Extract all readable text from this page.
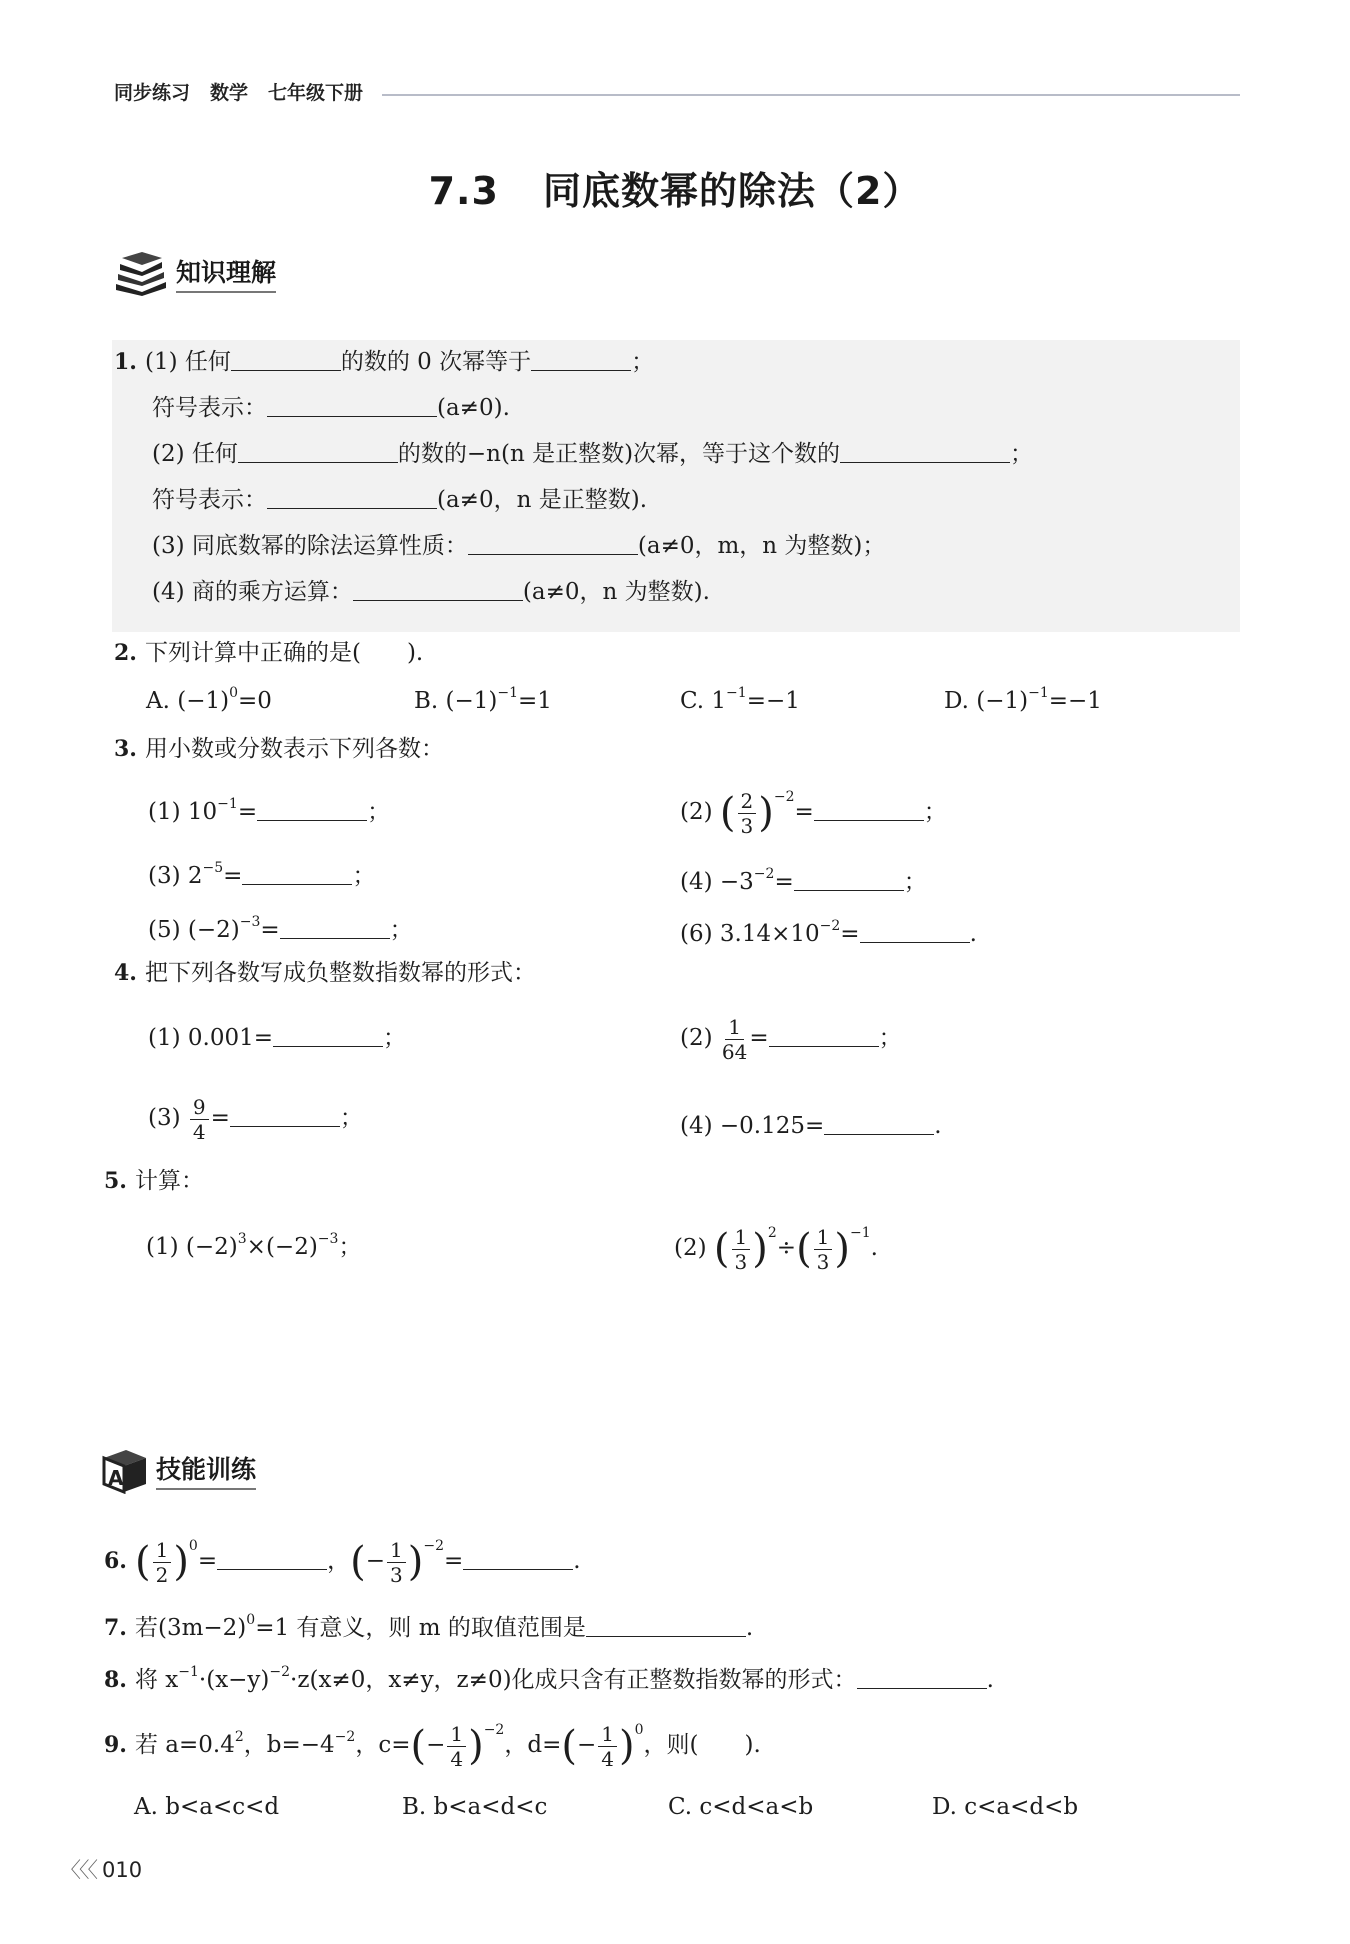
同步练习 数学 七年级下册
7.3 同底数幂的除法（2）
知识理解
1. (1) 任何	的数的 0 次幂等于	；
符号表示：	(a≠0).
(2) 任何	的数的−n(n 是正整数)次幂，等于这个数的	；
符号表示：	(a≠0，n 是正整数).
(3) 同底数幂的除法运算性质：	(a≠0，m，n 为整数)；
(4) 商的乘方运算：	(a≠0，n 为整数).
2. 下列计算中正确的是(　　).
A. $(-1)^0=0$	B. $(-1)^{-1}=1$	C. $1^{-1}=-1$	D. $(-1)^{-1}=-1$
3. 用小数或分数表示下列各数：
(1) $10^{-1}=$	；	(2) ( $\frac{2}{3} )^{-2}=$	；
(3) $2^{-5}=$	；	$(4) -3^{-2}=$	；
(5) $(-2)^{-3}=$	；	(6) $3.14\times 10^{-2}=$	.
4. 把下列各数写成负整数指数幂的形式：
(1) 0.001=	；	$(2) \frac{1}{64}$ =	；
$(3) \frac{9}{4}$ =	；	(4) −0.125=	.
5. 计算：
(1) $(-2)^3\times(-2)^{-3}$；	(2) ( $\frac{1}{3} )^2\div( \frac{1}{3} )^{-1}$.
A 技能训练
6. ( $\frac{1}{2} )^0=$	，(− $\frac{1}{3} )^{-2}=$	.
7. 若$(3m-2)^0=1$ 有意义，则 m 的取值范围是	.
8. 将 $x^{-1}\cdot(x-y)^{-2}\cdot z(x\ne 0$，x≠y，z≠0)化成只含有正整数指数幂的形式：	.
9. 若 $a=0.4^2$，$b=-4^{-2}$，$c=(- \frac{1}{4} )^{-2}$，$d=(- \frac{1}{4} )^0$，则(　　).
A. b<a<c<d	B. b<a<d<c	C. c<d<a<b	D. c<a<d<b
〈〈〈 010
